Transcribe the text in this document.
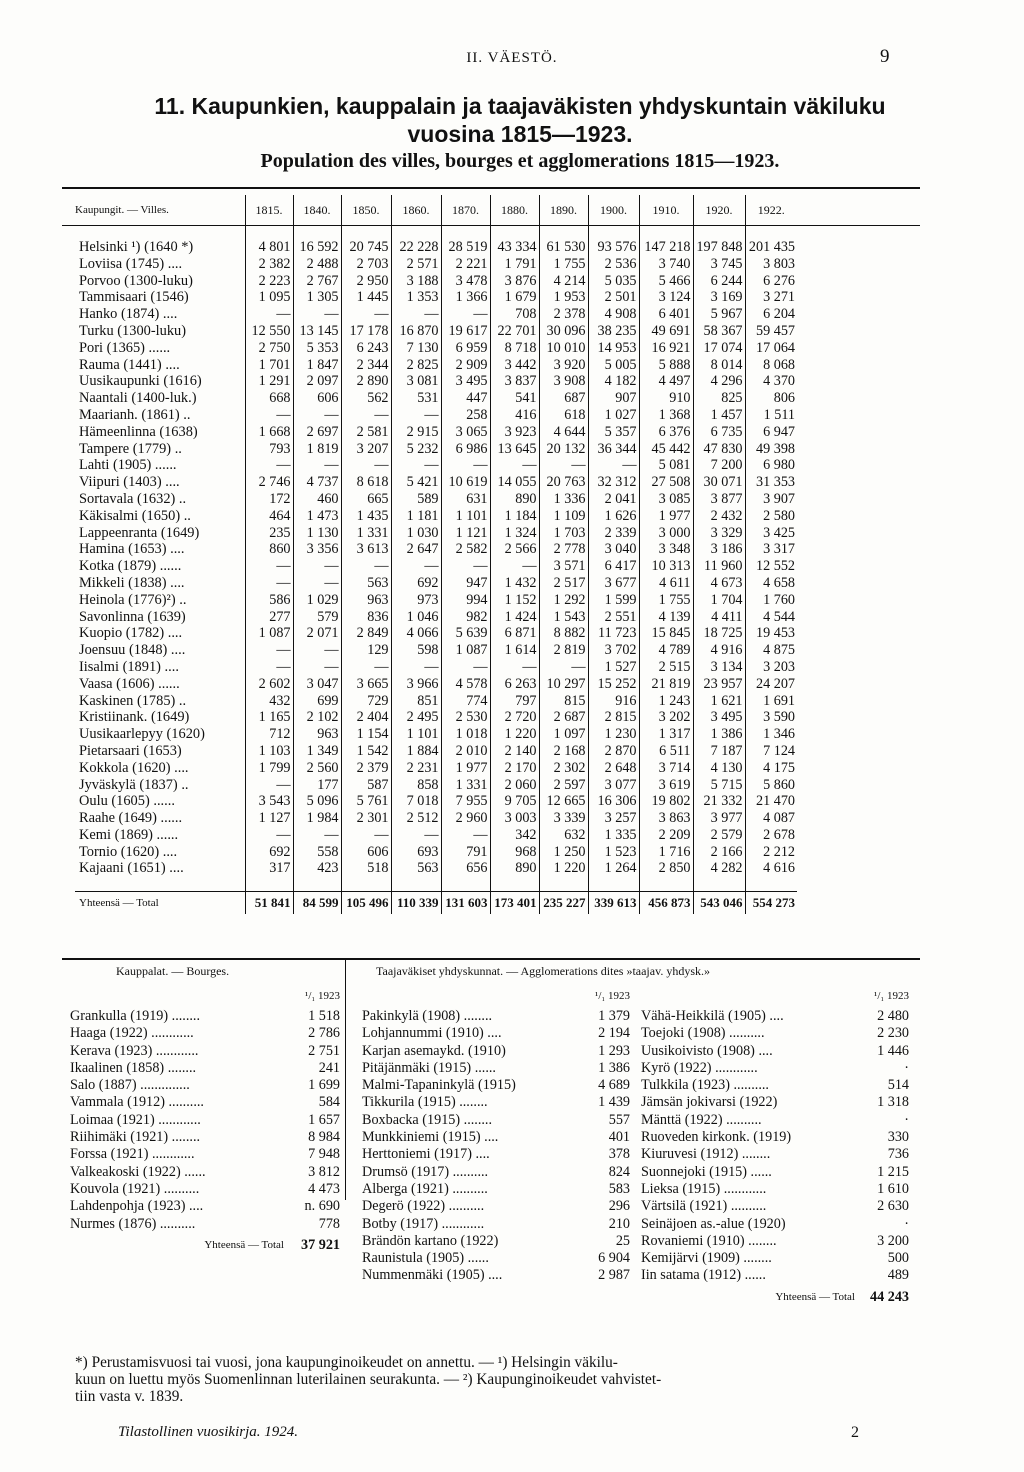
II. VÄESTÖ.	9
11. Kaupunkien, kauppalain ja taajaväkisten yhdyskuntain väkiluku
vuosina 1815—1923.
Population des villes, bourges et agglomerations 1815—1923.
Kaupungit. — Villes.	1815.	1840.	1850.	1860.	1870.	1880.	1890.	1900.	1910.	1920.	1922.

Helsinki ¹) (1640 *)	4 801	16 592	20 745	22 228	28 519	43 334	61 530	93 576	147 218	197 848	201 435
Loviisa (1745) ....	2 382	2 488	2 703	2 571	2 221	1 791	1 755	2 536	3 740	3 745	3 803
Porvoo (1300-luku)	2 223	2 767	2 950	3 188	3 478	3 876	4 214	5 035	5 466	6 244	6 276
Tammisaari (1546)	1 095	1 305	1 445	1 353	1 366	1 679	1 953	2 501	3 124	3 169	3 271
Hanko (1874) ....	—	—	—	—	—	708	2 378	4 908	6 401	5 967	6 204
Turku (1300-luku)	12 550	13 145	17 178	16 870	19 617	22 701	30 096	38 235	49 691	58 367	59 457
Pori (1365) ......	2 750	5 353	6 243	7 130	6 959	8 718	10 010	14 953	16 921	17 074	17 064
Rauma (1441) ....	1 701	1 847	2 344	2 825	2 909	3 442	3 920	5 005	5 888	8 014	8 068
Uusikaupunki (1616)	1 291	2 097	2 890	3 081	3 495	3 837	3 908	4 182	4 497	4 296	4 370
Naantali (1400-luk.)	668	606	562	531	447	541	687	907	910	825	806
Maarianh. (1861) ..	—	—	—	—	258	416	618	1 027	1 368	1 457	1 511
Hämeenlinna (1638)	1 668	2 697	2 581	2 915	3 065	3 923	4 644	5 357	6 376	6 735	6 947
Tampere (1779) ..	793	1 819	3 207	5 232	6 986	13 645	20 132	36 344	45 442	47 830	49 398
Lahti (1905) ......	—	—	—	—	—	—	—	—	5 081	7 200	6 980
Viipuri (1403) ....	2 746	4 737	8 618	5 421	10 619	14 055	20 763	32 312	27 508	30 071	31 353
Sortavala (1632) ..	172	460	665	589	631	890	1 336	2 041	3 085	3 877	3 907
Käkisalmi (1650) ..	464	1 473	1 435	1 181	1 101	1 184	1 109	1 626	1 977	2 432	2 580
Lappeenranta (1649)	235	1 130	1 331	1 030	1 121	1 324	1 703	2 339	3 000	3 329	3 425
Hamina (1653) ....	860	3 356	3 613	2 647	2 582	2 566	2 778	3 040	3 348	3 186	3 317
Kotka (1879) ......	—	—	—	—	—	—	3 571	6 417	10 313	11 960	12 552
Mikkeli (1838) ....	—	—	563	692	947	1 432	2 517	3 677	4 611	4 673	4 658
Heinola (1776)²) ..	586	1 029	963	973	994	1 152	1 292	1 599	1 755	1 704	1 760
Savonlinna (1639)	277	579	836	1 046	982	1 424	1 543	2 551	4 139	4 411	4 544
Kuopio (1782) ....	1 087	2 071	2 849	4 066	5 639	6 871	8 882	11 723	15 845	18 725	19 453
Joensuu (1848) ....	—	—	129	598	1 087	1 614	2 819	3 702	4 789	4 916	4 875
Iisalmi (1891) ....	—	—	—	—	—	—	—	1 527	2 515	3 134	3 203
Vaasa (1606) ......	2 602	3 047	3 665	3 966	4 578	6 263	10 297	15 252	21 819	23 957	24 207
Kaskinen (1785) ..	432	699	729	851	774	797	815	916	1 243	1 621	1 691
Kristiinank. (1649)	1 165	2 102	2 404	2 495	2 530	2 720	2 687	2 815	3 202	3 495	3 590
Uusikaarlepyy (1620)	712	963	1 154	1 101	1 018	1 220	1 097	1 230	1 317	1 386	1 346
Pietarsaari (1653)	1 103	1 349	1 542	1 884	2 010	2 140	2 168	2 870	6 511	7 187	7 124
Kokkola (1620) ....	1 799	2 560	2 379	2 231	1 977	2 170	2 302	2 648	3 714	4 130	4 175
Jyväskylä (1837) ..	—	177	587	858	1 331	2 060	2 597	3 077	3 619	5 715	5 860
Oulu (1605) ......	3 543	5 096	5 761	7 018	7 955	9 705	12 665	16 306	19 802	21 332	21 470
Raahe (1649) ......	1 127	1 984	2 301	2 512	2 960	3 003	3 339	3 257	3 863	3 977	4 087
Kemi (1869) ......	—	—	—	—	—	342	632	1 335	2 209	2 579	2 678
Tornio (1620) ....	692	558	606	693	791	968	1 250	1 523	1 716	2 166	2 212
Kajaani (1651) ....	317	423	518	563	656	890	1 220	1 264	2 850	4 282	4 616

Yhteensä — Total	51 841	84 599	105 496	110 339	131 603	173 401	235 227	339 613	456 873	543 046	554 273
Kauppalat. — Bourges.	Taajaväkiset yhdyskunnat. — Agglomerations dites »taajav. yhdysk.»
	¹/₁ 1923
Grankulla (1919) ........	1 518
Haaga (1922) ............	2 786
Kerava (1923) ............	2 751
Ikaalinen (1858) ........	241
Salo (1887) ..............	1 699
Vammala (1912) ..........	584
Loimaa (1921) ............	1 657
Riihimäki (1921) ........	8 984
Forssa (1921) ............	7 948
Valkeakoski (1922) ......	3 812
Kouvola (1921) ..........	4 473
Lahdenpohja (1923) ....	n. 690
Nurmes (1876) ..........	778
Yhteensä — Total	37 921
	¹/₁ 1923
Pakinkylä (1908) ........	1 379
Lohjannummi (1910) ....	2 194
Karjan asemaykd. (1910)	1 293
Pitäjänmäki (1915) ......	1 386
Malmi-Tapaninkylä (1915)	4 689
Tikkurila (1915) ........	1 439
Boxbacka (1915) ........	557
Munkkiniemi (1915) ....	401
Herttoniemi (1917) ....	378
Drumsö (1917) ..........	824
Alberga (1921) ..........	583
Degerö (1922) ..........	296
Botby (1917) ............	210
Brändön kartano (1922)	25
Raunistula (1905) ......	6 904
Nummenmäki (1905) ....	2 987
	¹/₁ 1923
Vähä-Heikkilä (1905) ....	2 480
Toejoki (1908) ..........	2 230
Uusikoivisto (1908) ....	1 446
Kyrö (1922) ............	·
Tulkkila (1923) ..........	514
Jämsän jokivarsi (1922)	1 318
Mänttä (1922) ..........	·
Ruoveden kirkonk. (1919)	330
Kiuruvesi (1912) ........	736
Suonnejoki (1915) ......	1 215
Lieksa (1915) ............	1 610
Värtsilä (1921) ..........	2 630
Seinäjoen as.-alue (1920)	·
Rovaniemi (1910) ........	3 200
Kemijärvi (1909) ........	500
Iin satama (1912) ......	489
Yhteensä — Total	44 243

*) Perustamisvuosi tai vuosi, jona kaupunginoikeudet on annettu. — ¹) Helsingin väkilu-

kuun on luettu myös Suomenlinnan luterilainen seurakunta. — ²) Kaupunginoikeudet vahvistet-

tiin vasta v. 1839.

Tilastollinen vuosikirja. 1924.	2
